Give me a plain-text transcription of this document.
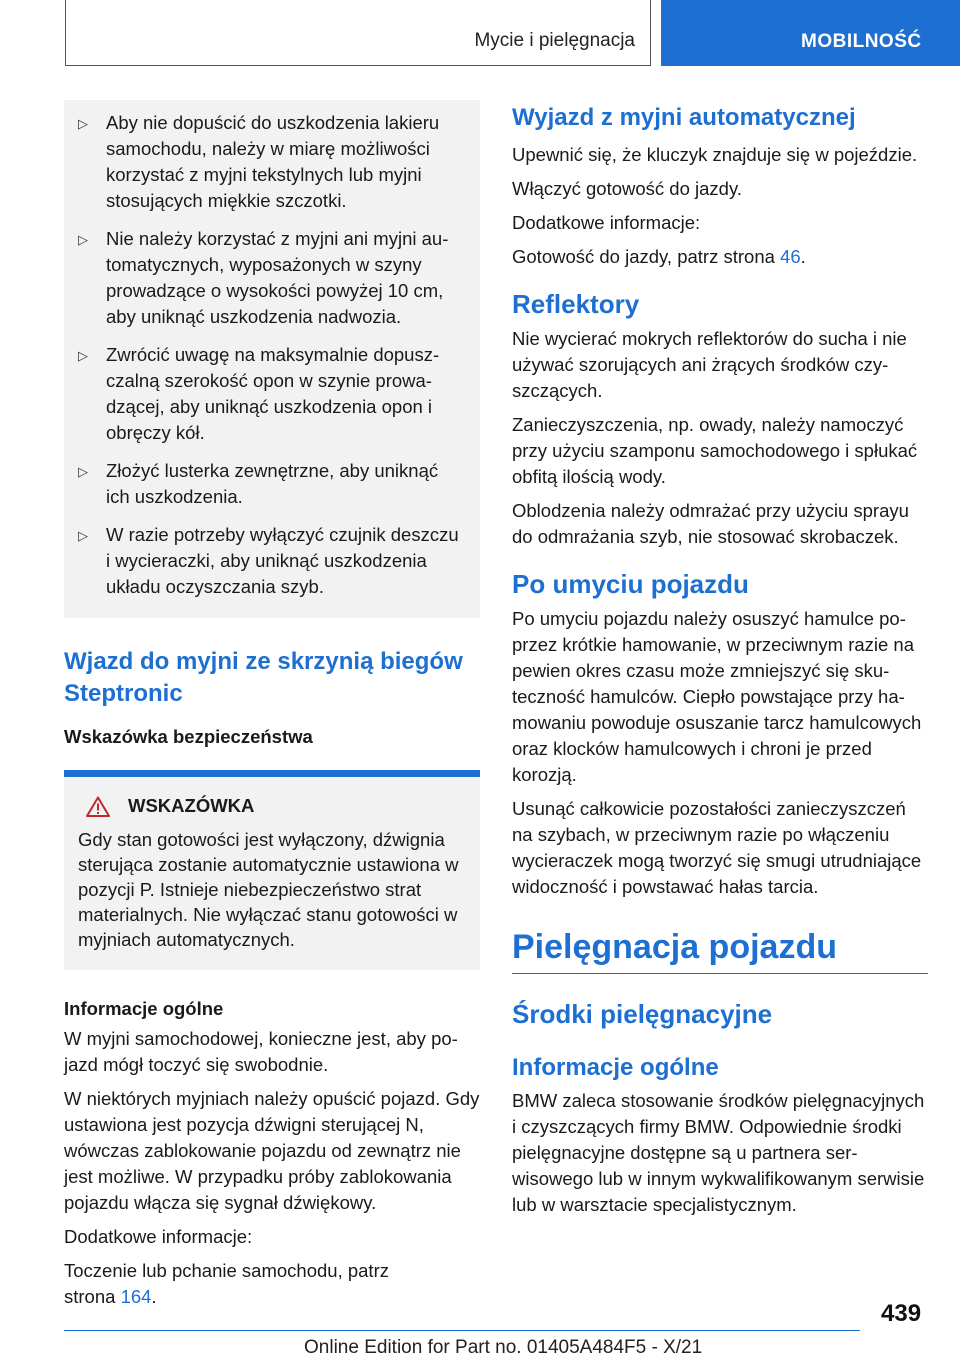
Mycie i pielęgnacja	MOBILNOŚĆ
▷ Aby nie dopuścić do uszkodzenia lakieru samochodu, należy w miarę możliwości korzystać z myjni tekstylnych lub myjni stosujących miękkie szczotki.
▷ Nie należy korzystać z myjni ani myjni automatycznych, wyposażonych w szyny prowadzące o wysokości powyżej 10 cm, aby uniknąć uszkodzenia nadwozia.
▷ Zwrócić uwagę na maksymalnie dopuszczalną szerokość opon w szynie prowadzącej, aby uniknąć uszkodzenia opon i obręczy kół.
▷ Złożyć lusterka zewnętrzne, aby uniknąć ich uszkodzenia.
▷ W razie potrzeby wyłączyć czujnik deszczu i wycieraczki, aby uniknąć uszkodzenia układu oczyszczania szyb.
Wjazd do myjni ze skrzynią biegów Steptronic
Wskazówka bezpieczeństwa
WSKAZÓWKA

Gdy stan gotowości jest wyłączony, dźwignia sterująca zostanie automatycznie ustawiona w pozycji P. Istnieje niebezpieczeństwo strat materialnych. Nie wyłączać stanu gotowości w myjniach automatycznych.

Informacje ogólne

W myjni samochodowej, konieczne jest, aby pojazd mógł toczyć się swobodnie.

W niektórych myjniach należy opuścić pojazd. Gdy ustawiona jest pozycja dźwigni sterującej N, wówczas zablokowanie pojazdu od zewnątrz nie jest możliwe. W przypadku próby zablokowania pojazdu włącza się sygnał dźwiękowy.

Dodatkowe informacje:

Toczenie lub pchanie samochodu, patrz strona 164.

Wyjazd z myjni automatycznej

Upewnić się, że kluczyk znajduje się w pojeździe.

Włączyć gotowość do jazdy.

Dodatkowe informacje:

Gotowość do jazdy, patrz strona 46.

Reflektory

Nie wycierać mokrych reflektorów do sucha i nie używać szorujących ani żrących środków czyszczących.

Zanieczyszczenia, np. owady, należy namoczyć przy użyciu szamponu samochodowego i spłukać obfitą ilością wody.

Oblodzenia należy odmrażać przy użyciu sprayu do odmrażania szyb, nie stosować skrobaczek.

Po umyciu pojazdu

Po umyciu pojazdu należy osuszyć hamulce poprzez krótkie hamowanie, w przeciwnym razie na pewien okres czasu może zmniejszyć się skuteczność hamulców. Ciepło powstające przy hamowaniu powoduje osuszanie tarcz hamulcowych oraz klocków hamulcowych i chroni je przed korozją.

Usunąć całkowicie pozostałości zanieczyszczeń na szybach, w przeciwnym razie po włączeniu wycieraczek mogą tworzyć się smugi utrudniające widoczność i powstawać hałas tarcia.

Pielęgnacja pojazdu
Środki pielęgnacyjne
Informacje ogólne

BMW zaleca stosowanie środków pielęgnacyjnych i czyszczących firmy BMW. Odpowiednie środki pielęgnacyjne dostępne są u partnera serwisowego lub w innym wykwalifikowanym serwisie lub w warsztacie specjalistycznym.

439
Online Edition for Part no. 01405A484F5 - X/21
